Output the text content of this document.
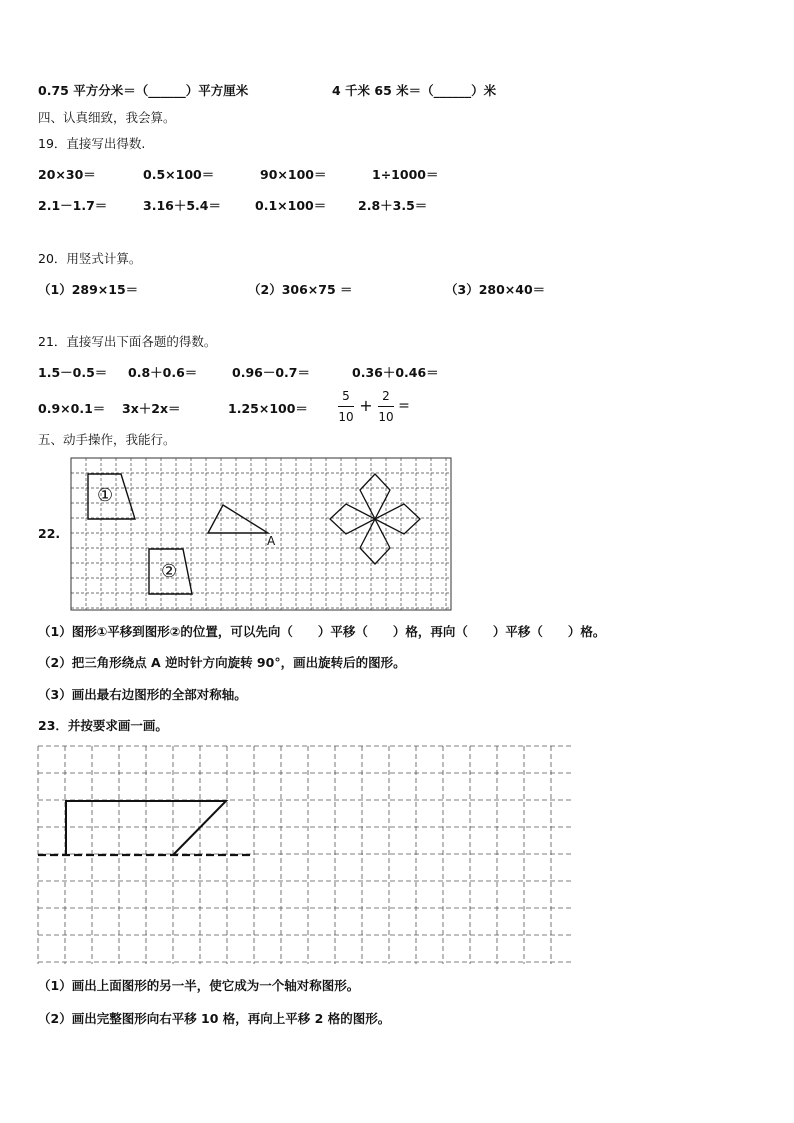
0.75 平方分米＝（______）平方厘米	4 千米 65 米＝（______）米
四、认真细致，我会算。
19．直接写出得数.
20×30＝	0.5×100＝	90×100＝	1÷1000＝
2.1－1.7＝	3.16＋5.4＝	0.1×100＝	2.8＋3.5＝
20．用竖式计算。
（1）289×15＝	（2）306×75 ＝	（3）280×40＝
21．直接写出下面各题的得数。
1.5－0.5＝ 0.8＋0.6＝	0.96－0.7＝	0.36＋0.46＝
0.9×0.1＝ 3x＋2x＝	1.25×100＝
5
10
+ 2
10
=
五、动手操作，我能行。
22.
①
②
A
（1）图形①平移到图形②的位置，可以先向（　　）平移（　　）格，再向（　　）平移（　　）格。
（2）把三角形绕点 A 逆时针方向旋转 90°，画出旋转后的图形。
（3）画出最右边图形的全部对称轴。
23．并按要求画一画。
（1）画出上面图形的另一半，使它成为一个轴对称图形。
（2）画出完整图形向右平移 10 格，再向上平移 2 格的图形。
